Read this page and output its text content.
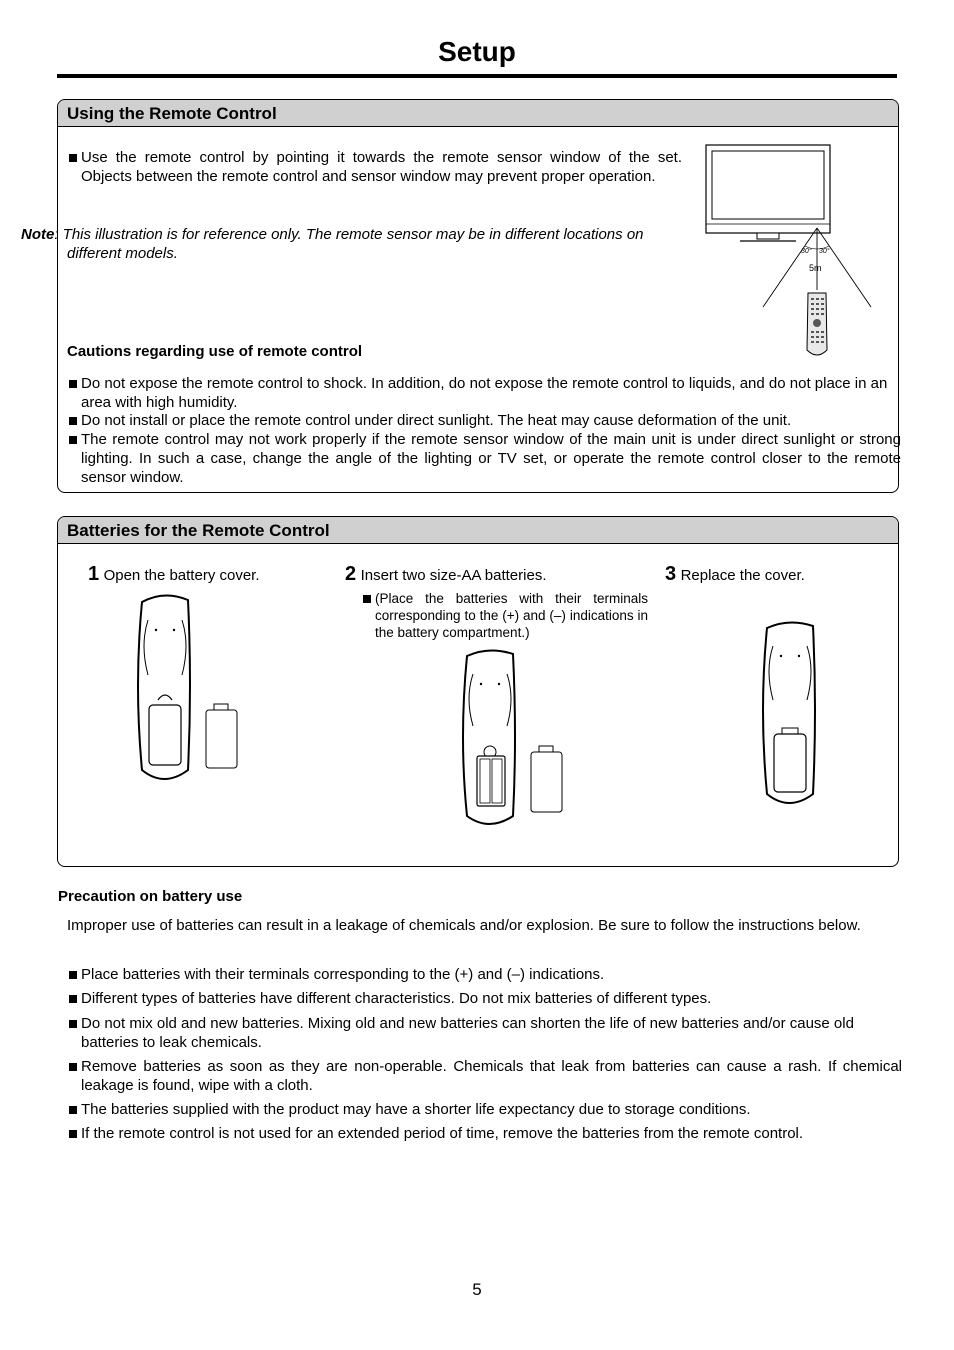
Setup
Using the Remote Control
Use the remote control by pointing it towards the remote sensor window of the set. Objects between the remote control and sensor window may prevent proper operation.
Note: This illustration is for reference only. The remote sensor may be in different locations on different models.	30° 30°
5m
Cautions regarding use of remote control
Do not expose the remote control to shock. In addition, do not expose the remote control to liquids, and do not place in an area with high humidity.
Do not install or place the remote control under direct sunlight. The heat may cause deformation of the unit.
The remote control may not work properly if the remote sensor window of the main unit is under direct sunlight or strong lighting. In such a case, change the angle of the lighting or TV set, or operate the remote control closer to the remote sensor window.
Batteries for the Remote Control
1 Open the battery cover.	2 Insert two size-AA batteries.
(Place the batteries with their terminals corresponding to the (+) and (–) indications in the battery compartment.)
3 Replace the cover.
Precaution on battery use
Improper use of batteries can result in a leakage of chemicals and/or explosion. Be sure to follow the instructions below.
Place batteries with their terminals corresponding to the (+) and (–) indications.
Different types of batteries have different characteristics. Do not mix batteries of different types.
Do not mix old and new batteries. Mixing old and new batteries can shorten the life of new batteries and/or cause old batteries to leak chemicals.
Remove batteries as soon as they are non-operable. Chemicals that leak from batteries can cause a rash. If chemical leakage is found, wipe with a cloth.
The batteries supplied with the product may have a shorter life expectancy due to storage conditions.
If the remote control is not used for an extended period of time, remove the batteries from the remote control.
5
